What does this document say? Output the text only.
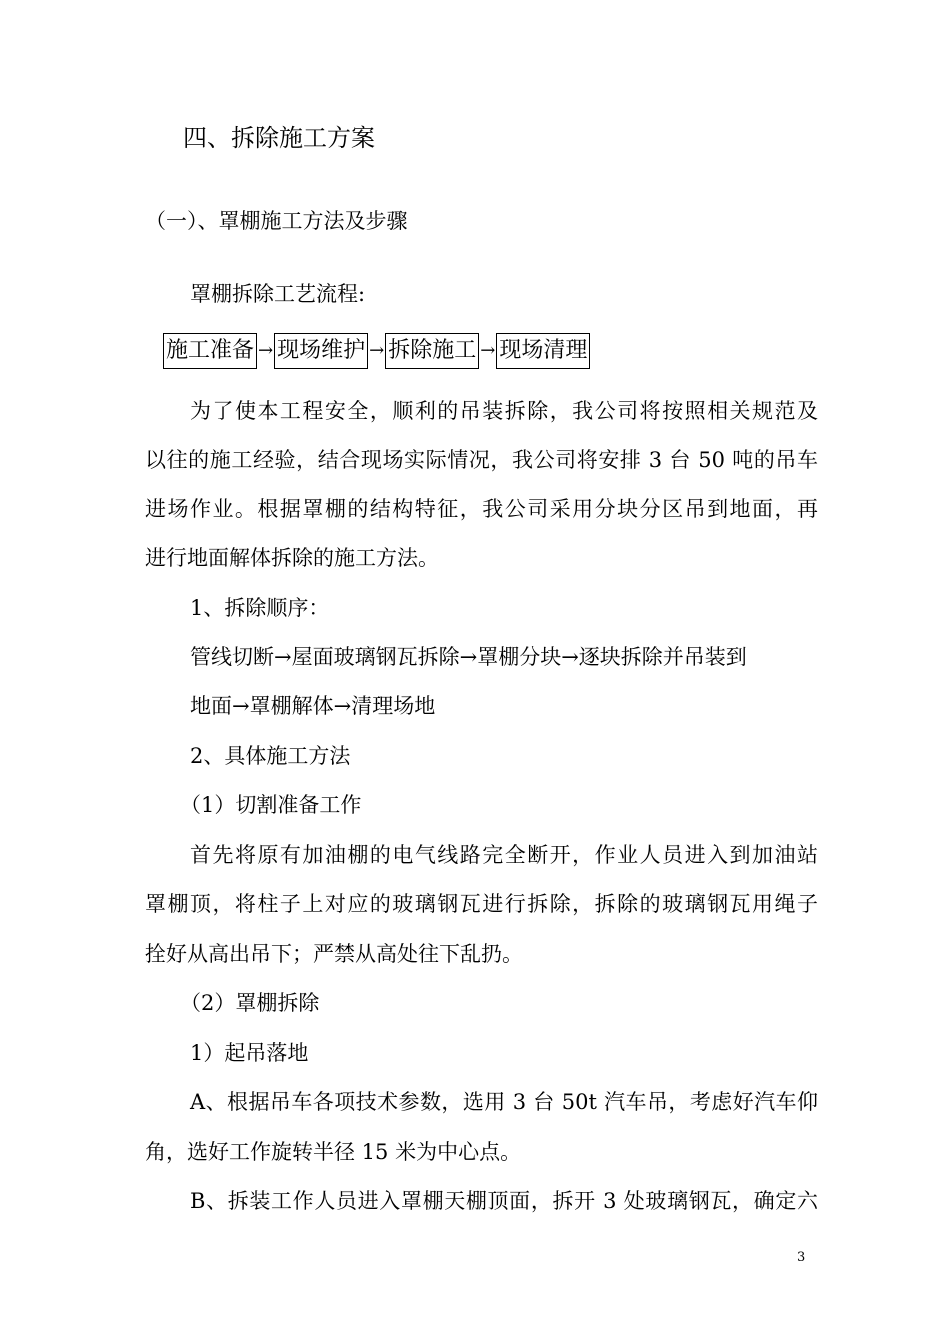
四、拆除施工方案
（一）、罩棚施工方法及步骤
罩棚拆除工艺流程:
施工准备 → 现场维护 → 拆除施工 → 现场清理
为了使本工程安全，顺利的吊装拆除，我公司将按照相关规范及
以往的施工经验，结合现场实际情况，我公司将安排 3 台 50 吨的吊车
进场作业。根据罩棚的结构特征，我公司采用分块分区吊到地面，再
进行地面解体拆除的施工方法。
1、拆除顺序：
管线切断→屋面玻璃钢瓦拆除→罩棚分块→逐块拆除并吊装到
地面→罩棚解体→清理场地
2、具体施工方法
（1）切割准备工作
首先将原有加油棚的电气线路完全断开，作业人员进入到加油站
罩棚顶，将柱子上对应的玻璃钢瓦进行拆除，拆除的玻璃钢瓦用绳子
拴好从高出吊下；严禁从高处往下乱扔。
（2）罩棚拆除
1）起吊落地
A、根据吊车各项技术参数，选用 3 台 50t 汽车吊，考虑好汽车仰
角，选好工作旋转半径 15 米为中心点。
B、拆装工作人员进入罩棚天棚顶面，拆开 3 处玻璃钢瓦，确定六
3
